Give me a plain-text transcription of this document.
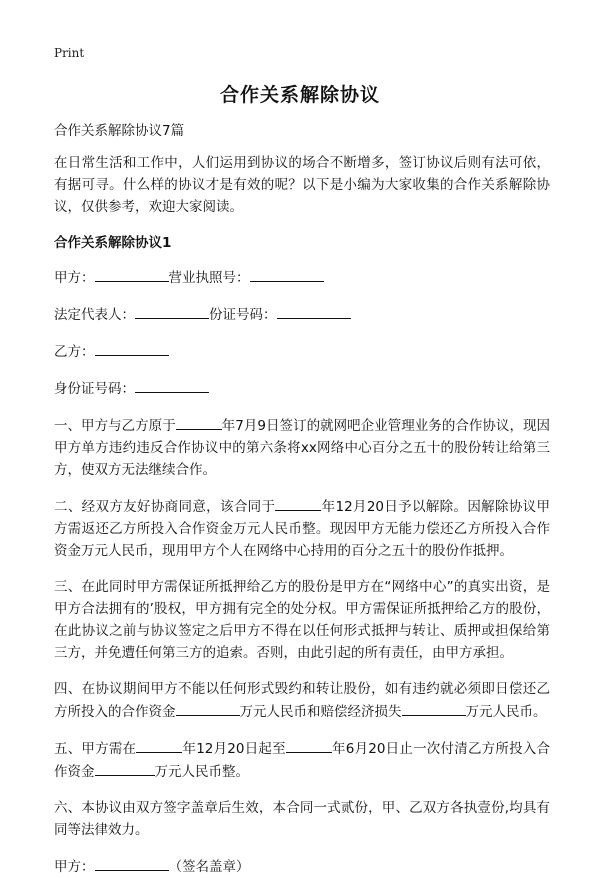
Print
合作关系解除协议

合作关系解除协议7篇

在日常生活和工作中，人们运用到协议的场合不断增多，签订协议后则有法可依，有据可寻。什么样的协议才是有效的呢？以下是小编为大家收集的合作关系解除协议，仅供参考，欢迎大家阅读。

合作关系解除协议1

甲方：	营业执照号：

法定代表人：	份证号码：

乙方：

身份证号码：

一、甲方与乙方原于	年7月9日签订的就网吧企业管理业务的合作协议，现因甲方单方违约违反合作协议中的第六条将xx网络中心百分之五十的股份转让给第三方，使双方无法继续合作。

二、经双方友好协商同意，该合同于	年12月20日予以解除。因解除协议甲方需返还乙方所投入合作资金万元人民币整。现因甲方无能力偿还乙方所投入合作资金万元人民币，现用甲方个人在网络中心持用的百分之五十的股份作抵押。

三、在此同时甲方需保证所抵押给乙方的股份是甲方在“网络中心”的真实出资，是甲方合法拥有的’股权，甲方拥有完全的处分权。甲方需保证所抵押给乙方的股份，在此协议之前与协议签定之后甲方不得在以任何形式抵押与转让、质押或担保给第三方，并免遭任何第三方的追索。否则，由此引起的所有责任，由甲方承担。

四、在协议期间甲方不能以任何形式毁约和转让股份，如有违约就必须即日偿还乙方所投入的合作资金	万元人民币和赔偿经济损失	万元人民币。

五、甲方需在	年12月20日起至	年6月20日止一次付清乙方所投入合作资金	万元人民币整。

六、本协议由双方签字盖章后生效，本合同一式贰份，甲、乙双方各执壹份,均具有同等法律效力。

甲方：	（签名盖章）
